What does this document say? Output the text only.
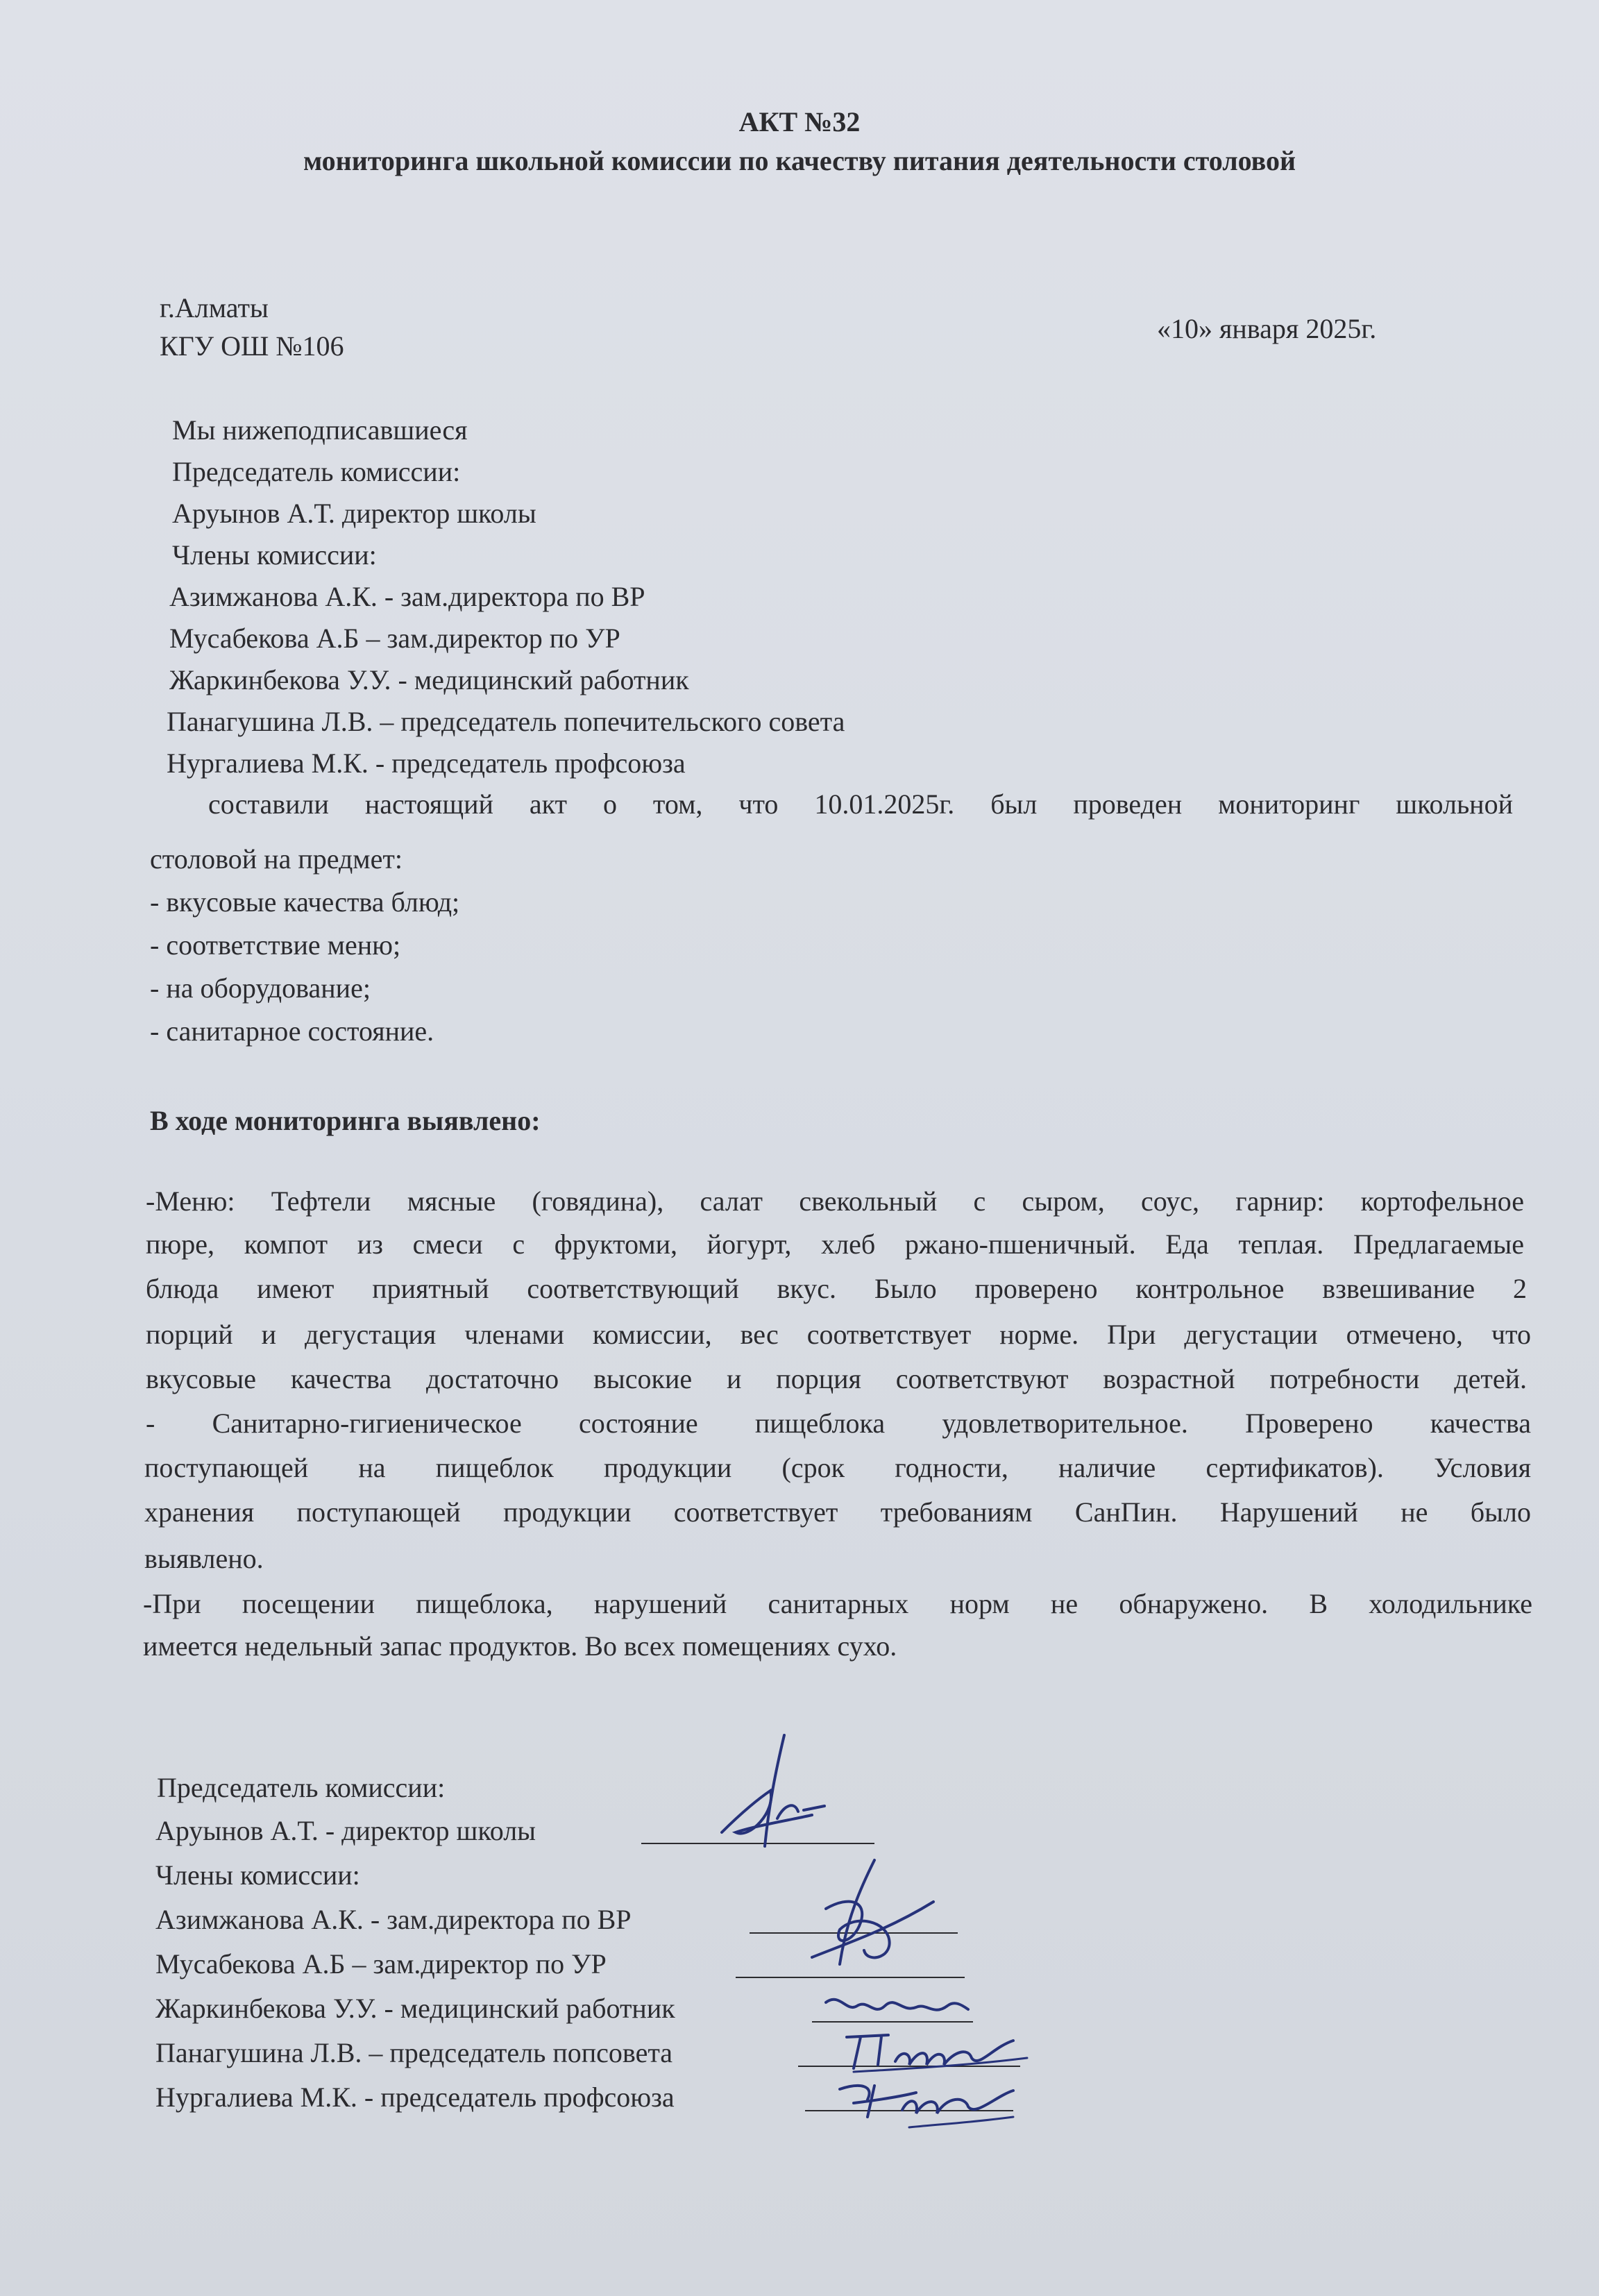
АКТ №32
мониторинга школьной комиссии по качеству питания деятельности столовой
г.Алматы
КГУ ОШ №106
«10» января 2025г.
Мы нижеподписавшиеся
Председатель комиссии:
Аруынов А.Т. директор школы
Члены комиссии:
Азимжанова А.К. - зам.директора по ВР
Мусабекова А.Б – зам.директор по УР
Жаркинбекова У.У. - медицинский работник
Панагушина Л.В. – председатель попечительского совета
Нургалиева М.К. - председатель профсоюза
составили настоящий акт о том, что 10.01.2025г. был проведен мониторинг школьной
столовой на предмет:
- вкусовые качества блюд;
- соответствие меню;
- на оборудование;
- санитарное состояние.
В ходе мониторинга выявлено:
-Меню: Тефтели мясные (говядина), салат свекольный с сыром, соус, гарнир: кортофельное
пюре, компот из смеси с фруктоми, йогурт, хлеб ржано-пшеничный. Еда теплая. Предлагаемые
блюда имеют приятный соответствующий вкус. Было проверено контрольное взвешивание 2
порций и дегустация членами комиссии, вес соответствует норме. При дегустации отмечено, что
вкусовые качества достаточно высокие и порция соответствуют возрастной потребности детей.
- Санитарно-гигиеническое состояние пищеблока удовлетворительное. Проверено качества
поступающей на пищеблок продукции (срок годности, наличие сертификатов). Условия
хранения поступающей продукции соответствует требованиям СанПин. Нарушений не было
выявлено.
-При посещении пищеблока, нарушений санитарных норм не обнаружено. В холодильнике
имеется недельный запас продуктов. Во всех помещениях сухо.
Председатель комиссии:
Аруынов А.Т. - директор школы
Члены комиссии:
Азимжанова А.К. - зам.директора по ВР
Мусабекова А.Б – зам.директор по УР
Жаркинбекова У.У. - медицинский работник
Панагушина Л.В. – председатель попсовета
Нургалиева М.К. - председатель профсоюза
